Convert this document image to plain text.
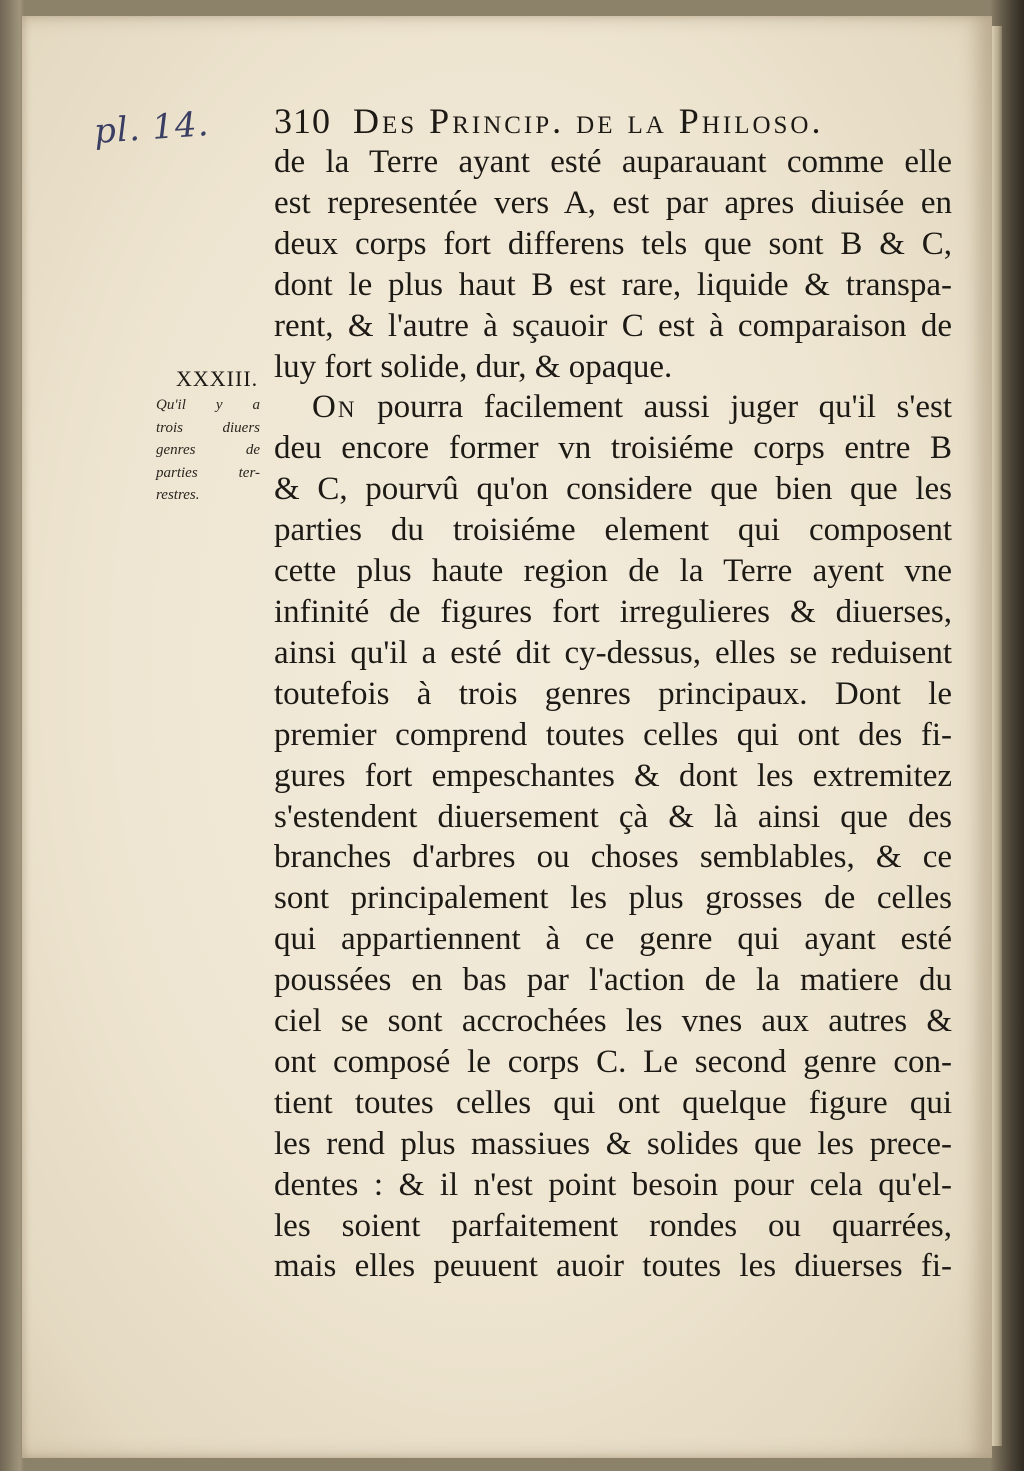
pl. 14. 310 Des Princip. de la Philoso.
XXXIII.
Qu'il y a
trois diuers
genres de
parties ter-
restres.
de la Terre ayant esté auparauant comme elle
est representée vers A, est par apres diuisée en
deux corps fort differens tels que sont B & C,
dont le plus haut B est rare, liquide & transpa-
rent, & l'autre à sçauoir C est à comparaison de
luy fort solide, dur, & opaque.
On pourra facilement aussi juger qu'il s'est
deu encore former vn troisiéme corps entre B
& C, pourvû qu'on considere que bien que les
parties du troisiéme element qui composent
cette plus haute region de la Terre ayent vne
infinité de figures fort irregulieres & diuerses,
ainsi qu'il a esté dit cy-dessus, elles se reduisent
toutefois à trois genres principaux. Dont le
premier comprend toutes celles qui ont des fi-
gures fort empeschantes & dont les extremitez
s'estendent diuersement çà & là ainsi que des
branches d'arbres ou choses semblables, & ce
sont principalement les plus grosses de celles
qui appartiennent à ce genre qui ayant esté
poussées en bas par l'action de la matiere du
ciel se sont accrochées les vnes aux autres &
ont composé le corps C. Le second genre con-
tient toutes celles qui ont quelque figure qui
les rend plus massiues & solides que les prece-
dentes : & il n'est point besoin pour cela qu'el-
les soient parfaitement rondes ou quarrées,
mais elles peuuent auoir toutes les diuerses fi-
